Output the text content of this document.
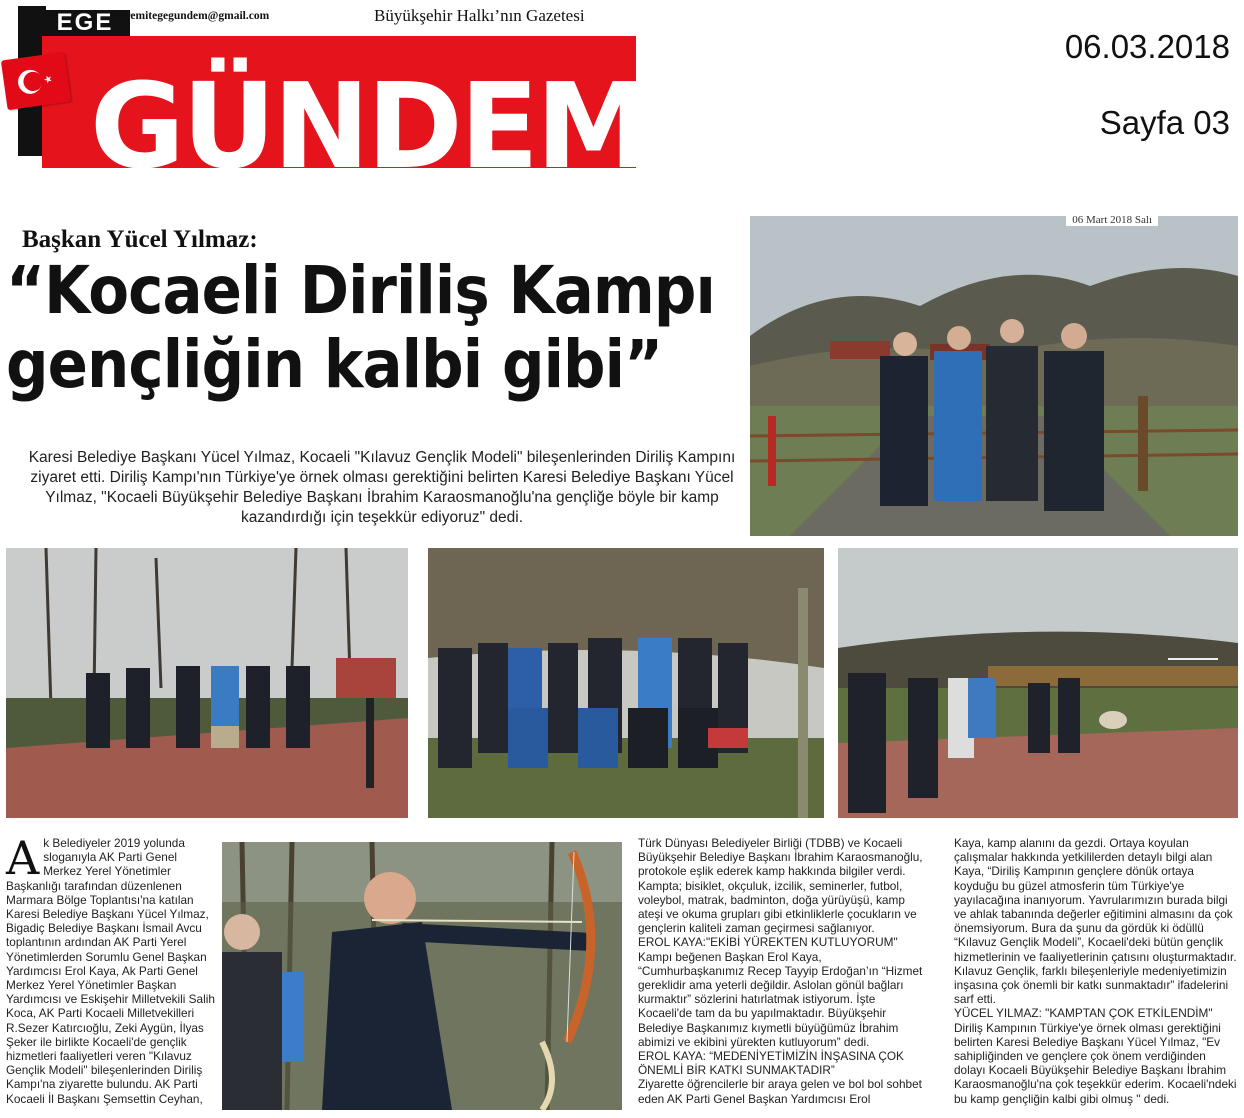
GÜNDEM
EGE edremitegegundem@gmail.com	Büyükşehir Halkı’nın Gazetesi
06.03.2018
Sayfa 03
Başkan Yücel Yılmaz:
“Kocaeli Diriliş Kampı
gençliğin kalbi gibi”
06 Mart 2018 Salı
Karesi Belediye Başkanı Yücel Yılmaz, Kocaeli "Kılavuz Gençlik Modeli" bileşenlerinden Diriliş Kampını ziyaret etti. Diriliş Kampı'nın Türkiye'ye örnek olması gerektiğini belirten Karesi Belediye Başkanı Yücel Yılmaz, "Kocaeli Büyükşehir Belediye Başkanı İbrahim Karaosmanoğlu'na gençliğe böyle bir kamp kazandırdığı için teşekkür ediyoruz" dedi.
A k Belediyeler 2019 yolunda sloganıyla AK Parti Genel Merkez Yerel Yönetimler Başkanlığı tarafından düzenlenen Marmara Bölge Toplantısı'na katılan Karesi Belediye Başkanı Yücel Yılmaz, Bigadiç Belediye Başkanı İsmail Avcu toplantının ardından AK Parti Yerel Yönetimlerden Sorumlu Genel Başkan Yardımcısı Erol Kaya, Ak Parti Genel Merkez Yerel Yönetimler Başkan Yardımcısı ve Eskişehir Milletvekili Salih Koca, AK Parti Kocaeli Milletvekilleri R.Sezer Katırcıoğlu, Zeki Aygün, İlyas Şeker ile birlikte Kocaeli'de gençlik hizmetleri faaliyetleri veren "Kılavuz Gençlik Modeli" bileşenlerinden Diriliş Kampı'na ziyarette bulundu. AK Parti Kocaeli İl Başkanı Şemsettin Ceyhan,

Türk Dünyası Belediyeler Birliği (TDBB) ve Kocaeli Büyükşehir Belediye Başkanı İbrahim Karaosmanoğlu, protokole eşlik ederek kamp hakkında bilgiler verdi. Kampta; bisiklet, okçuluk, izcilik, seminerler, futbol, voleybol, matrak, badminton, doğa yürüyüşü, kamp ateşi ve okuma grupları gibi etkinliklerle çocukların ve gençlerin kaliteli zaman geçirmesi sağlanıyor.

EROL KAYA:"EKİBİ YÜREKTEN KUTLUYORUM"

Kampı beğenen Başkan Erol Kaya, “Cumhurbaşkanımız Recep Tayyip Erdoğan’ın “Hizmet gereklidir ama yeterli değildir. Aslolan gönül bağları kurmaktır” sözlerini hatırlatmak istiyorum. İşte Kocaeli'de tam da bu yapılmaktadır. Büyükşehir Belediye Başkanımız kıymetli büyüğümüz İbrahim abimizi ve ekibini yürekten kutluyorum” dedi.

EROL KAYA: “MEDENİYETİMİZİN İNŞASINA ÇOK ÖNEMLİ BİR KATKI SUNMAKTADIR”

Ziyarette öğrencilerle bir araya gelen ve bol bol sohbet eden AK Parti Genel Başkan Yardımcısı Erol

Kaya, kamp alanını da gezdi. Ortaya koyulan çalışmalar hakkında yetkililerden detaylı bilgi alan Kaya, “Diriliş Kampının gençlere dönük ortaya koyduğu bu güzel atmosferin tüm Türkiye'ye yayılacağına inanıyorum. Yavrularımızın burada bilgi ve ahlak tabanında değerler eğitimini almasını da çok önemsiyorum. Bura da şunu da gördük ki ödüllü “Kılavuz Gençlik Modeli”, Kocaeli'deki bütün gençlik hizmetlerinin ve faaliyetlerinin çatısını oluşturmaktadır. Kılavuz Gençlik, farklı bileşenleriyle medeniyetimizin inşasına çok önemli bir katkı sunmaktadır” ifadelerini sarf etti.

YÜCEL YILMAZ: "KAMPTAN ÇOK ETKİLENDİM"

Diriliş Kampının Türkiye'ye örnek olması gerektiğini belirten Karesi Belediye Başkanı Yücel Yılmaz, "Ev sahipliğinden ve gençlere çok önem verdiğinden dolayı Kocaeli Büyükşehir Belediye Başkanı İbrahim Karaosmanoğlu'na çok teşekkür ederim. Kocaeli'ndeki bu kamp gençliğin kalbi gibi olmuş " dedi.
